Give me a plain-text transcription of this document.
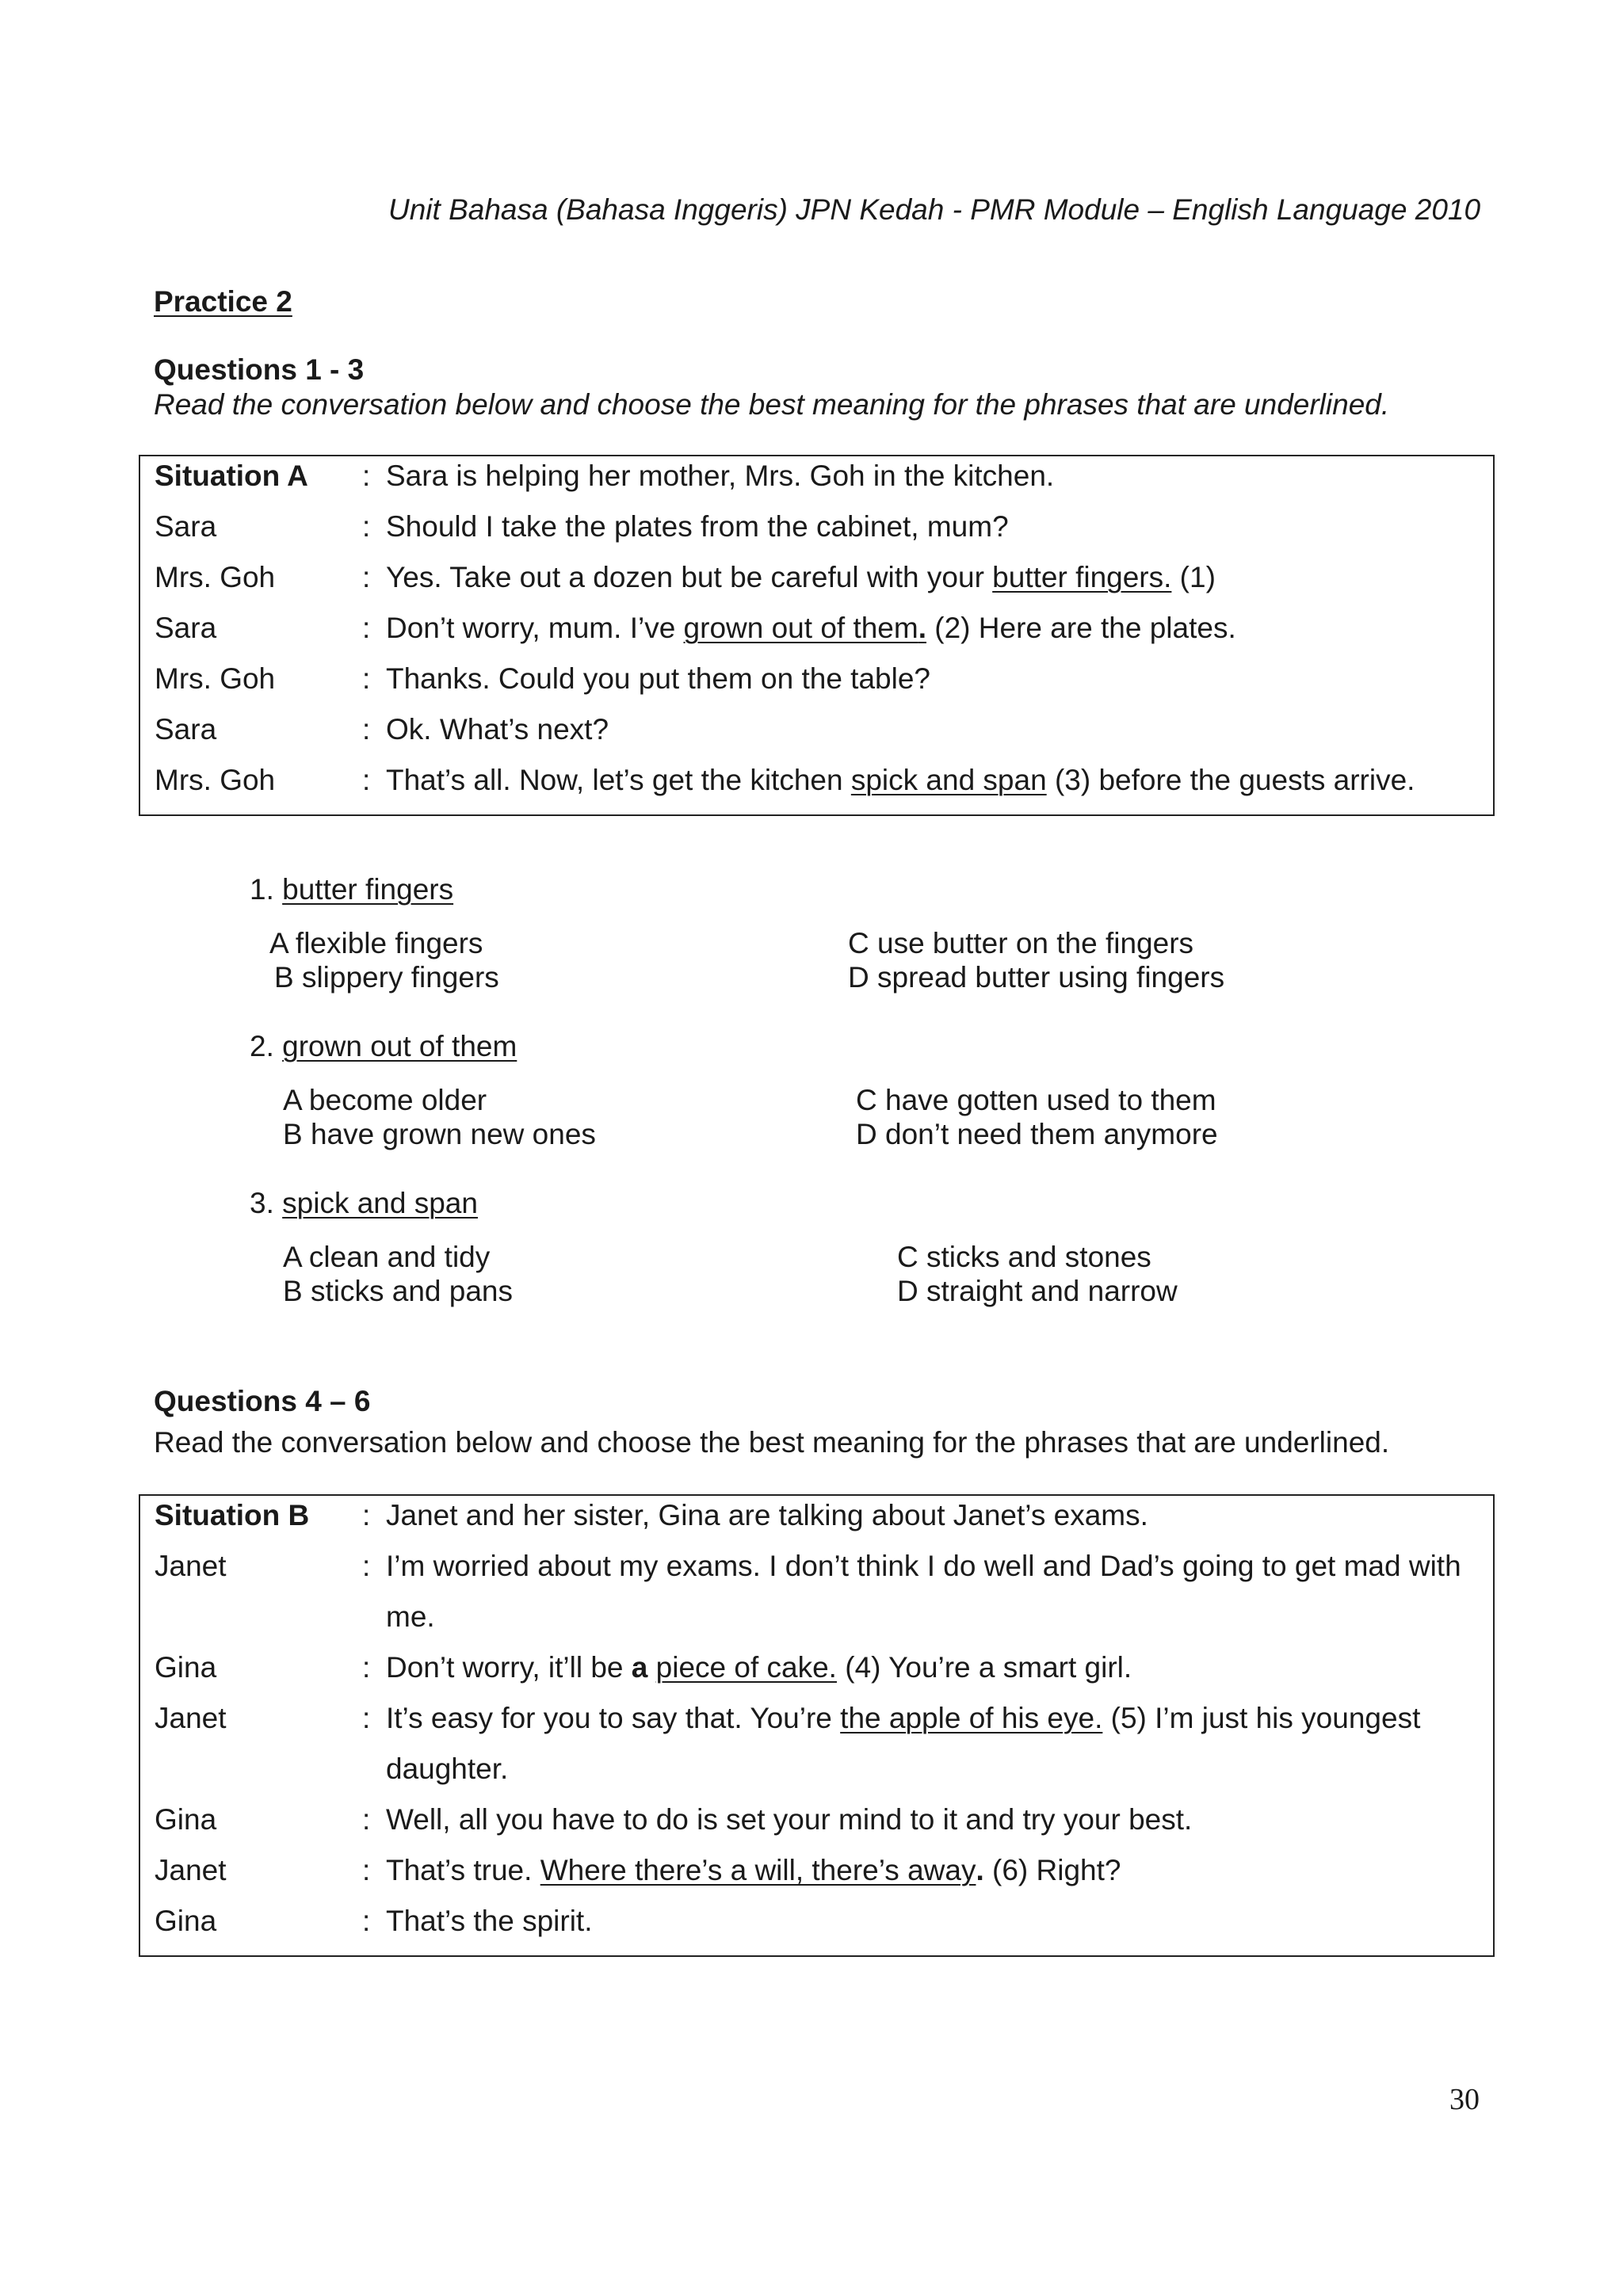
Unit Bahasa (Bahasa Inggeris) JPN Kedah - PMR Module – English Language 2010
Practice 2
Questions 1 - 3
Read the conversation below and choose the best meaning for the phrases that are underlined.
Situation A : Sara is helping her mother, Mrs. Goh in the kitchen.
Sara	: Should I take the plates from the cabinet, mum?
Mrs. Goh	: Yes. Take out a dozen but be careful with your butter fingers. (1)
Sara	: Don’t worry, mum. I’ve grown out of them. (2) Here are the plates.
Mrs. Goh	: Thanks. Could you put them on the table?
Sara	: Ok. What’s next?
Mrs. Goh	: That’s all. Now, let’s get the kitchen spick and span (3) before the guests arrive.
1. butter fingers
A flexible fingers
B slippery fingers
C use butter on the fingers
D spread butter using fingers
2. grown out of them
A become older
B have grown new ones
C have gotten used to them
D don’t need them anymore
3. spick and span
A clean and tidy
B sticks and pans
C sticks and stones
D straight and narrow
Questions 4 – 6
Read the conversation below and choose the best meaning for the phrases that are underlined.
Situation B : Janet and her sister, Gina are talking about Janet’s exams.
Janet	: I’m worried about my exams. I don’t think I do well and Dad’s going to get mad with
me.
Gina	: Don’t worry, it’ll be a piece of cake. (4) You’re a smart girl.
Janet	: It’s easy for you to say that. You’re the apple of his eye. (5) I’m just his youngest
daughter.
Gina	: Well, all you have to do is set your mind to it and try your best.
Janet	: That’s true. Where there’s a will, there’s away. (6) Right?
Gina	: That’s the spirit.
30
